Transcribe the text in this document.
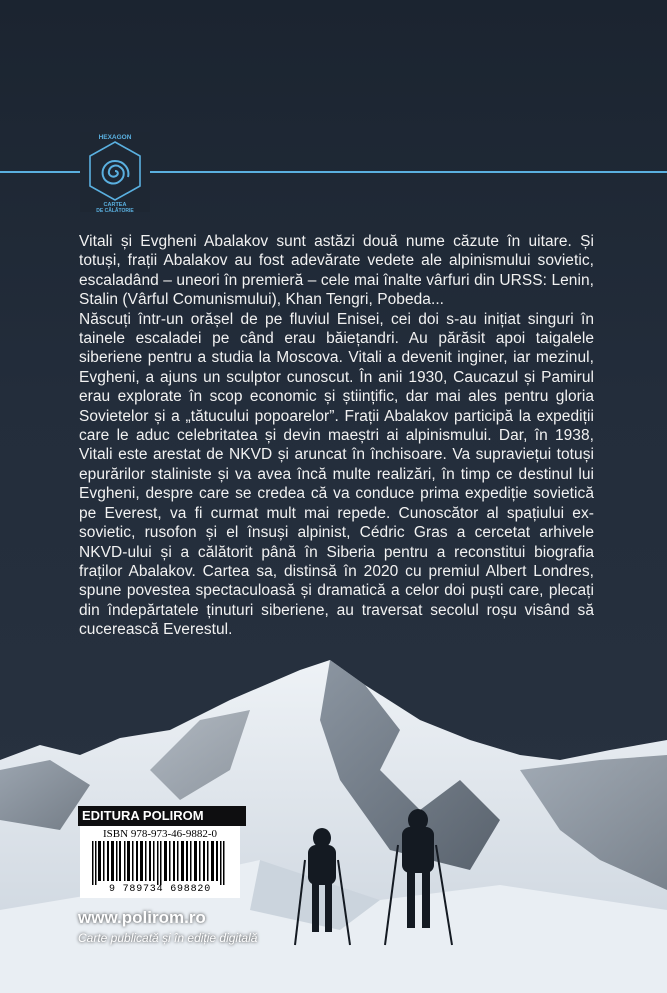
HEXAGON
CARTEA
DE CĂLĂTORIE

Vitali și Evgheni Abalakov sunt astăzi două nume căzute în uitare. Și totuși, frații Abalakov au fost adevărate vedete ale alpinismului sovietic, escaladând – uneori în premieră – cele mai înalte vârfuri din URSS: Lenin, Stalin (Vârful Comunismului), Khan Tengri, Pobeda...

Născuți într-un orășel de pe fluviul Enisei, cei doi s-au inițiat singuri în tainele escaladei pe când erau băiețandri. Au părăsit apoi taigalele siberiene pentru a studia la Moscova. Vitali a devenit inginer, iar mezinul, Evgheni, a ajuns un sculptor cunoscut. În anii 1930, Caucazul și Pamirul erau explorate în scop economic și științific, dar mai ales pentru gloria Sovietelor și a „tătucului popoarelor”. Frații Abalakov participă la expediții care le aduc celebritatea și devin maeștri ai alpinismului. Dar, în 1938, Vitali este arestat de NKVD și aruncat în închisoare. Va supraviețui totuși epurărilor staliniste și va avea încă multe realizări, în timp ce destinul lui Evgheni, despre care se credea că va conduce prima expediție sovietică pe Everest, va fi curmat mult mai repede. Cunoscător al spațiului ex-sovietic, rusofon și el însuși alpinist, Cédric Gras a cercetat arhivele NKVD-ului și a călătorit până în Siberia pentru a reconstitui biografia fraților Abalakov. Cartea sa, distinsă în 2020 cu premiul Albert Londres, spune povestea spectaculoasă și dramatică a celor doi puști care, plecați din îndepărtatele ținuturi siberiene, au traversat secolul roșu visând să cucerească Everestul.

EDITURA POLIROM
ISBN 978-973-46-9882-0
9 789734 698820
www.polirom.ro
Carte publicată și în ediție digitală
